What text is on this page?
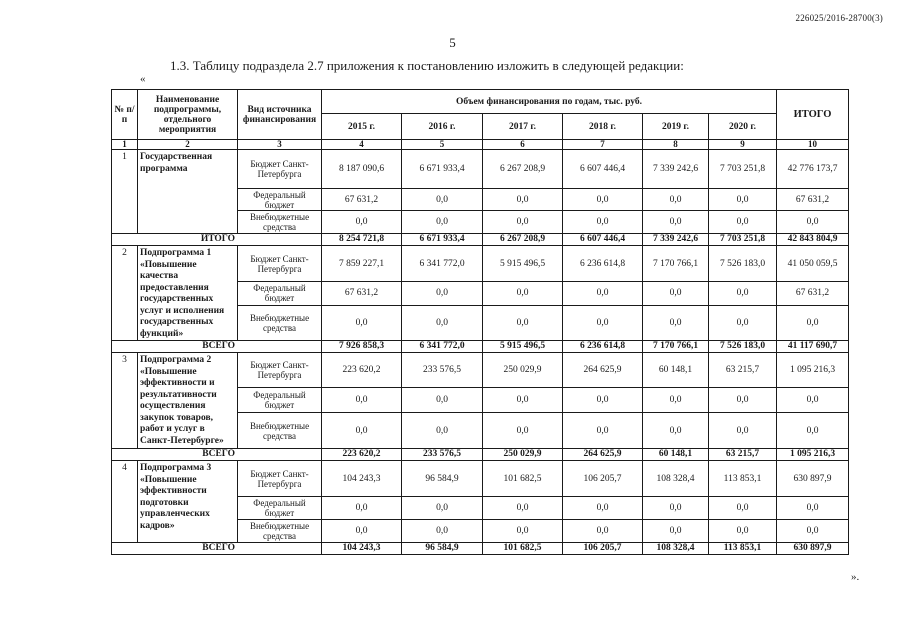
226025/2016-28700(3)
5
1.3. Таблицу подраздела 2.7 приложения к постановлению изложить в следующей редакции:
«
».
№ п/п	Наименование подпрограммы, отдельного мероприятия	Вид источника финансирования	Объем финансирования по годам, тыс. руб.						ИТОГО
			2015 г.	2016 г.	2017 г.	2018 г.	2019 г.	2020 г.	
1	2	3	4	5	6	7	8	9	10
1	Государственная программа	Бюджет Санкт-Петербурга	8 187 090,6	6 671 933,4	6 267 208,9	6 607 446,4	7 339 242,6	7 703 251,8	42 776 173,7
		Федеральный бюджет	67 631,2	0,0	0,0	0,0	0,0	0,0	67 631,2
		Внебюджетные средства	0,0	0,0	0,0	0,0	0,0	0,0	0,0
ИТОГО			8 254 721,8	6 671 933,4	6 267 208,9	6 607 446,4	7 339 242,6	7 703 251,8	42 843 804,9
2	Подпрограмма 1 «Повышение качества предоставления государственных услуг и исполнения государственных функций»	Бюджет Санкт-Петербурга	7 859 227,1	6 341 772,0	5 915 496,5	6 236 614,8	7 170 766,1	7 526 183,0	41 050 059,5
		Федеральный бюджет	67 631,2	0,0	0,0	0,0	0,0	0,0	67 631,2
		Внебюджетные средства	0,0	0,0	0,0	0,0	0,0	0,0	0,0
ВСЕГО			7 926 858,3	6 341 772,0	5 915 496,5	6 236 614,8	7 170 766,1	7 526 183,0	41 117 690,7
3	Подпрограмма 2 «Повышение эффективности и результативности осуществления закупок товаров, работ и услуг в Санкт-Петербурге»	Бюджет Санкт-Петербурга	223 620,2	233 576,5	250 029,9	264 625,9	60 148,1	63 215,7	1 095 216,3
		Федеральный бюджет	0,0	0,0	0,0	0,0	0,0	0,0	0,0
		Внебюджетные средства	0,0	0,0	0,0	0,0	0,0	0,0	0,0
ВСЕГО			223 620,2	233 576,5	250 029,9	264 625,9	60 148,1	63 215,7	1 095 216,3
4	Подпрограмма 3 «Повышение эффективности подготовки управленческих кадров»	Бюджет Санкт-Петербурга	104 243,3	96 584,9	101 682,5	106 205,7	108 328,4	113 853,1	630 897,9
		Федеральный бюджет	0,0	0,0	0,0	0,0	0,0	0,0	0,0
		Внебюджетные средства	0,0	0,0	0,0	0,0	0,0	0,0	0,0
ВСЕГО			104 243,3	96 584,9	101 682,5	106 205,7	108 328,4	113 853,1	630 897,9
